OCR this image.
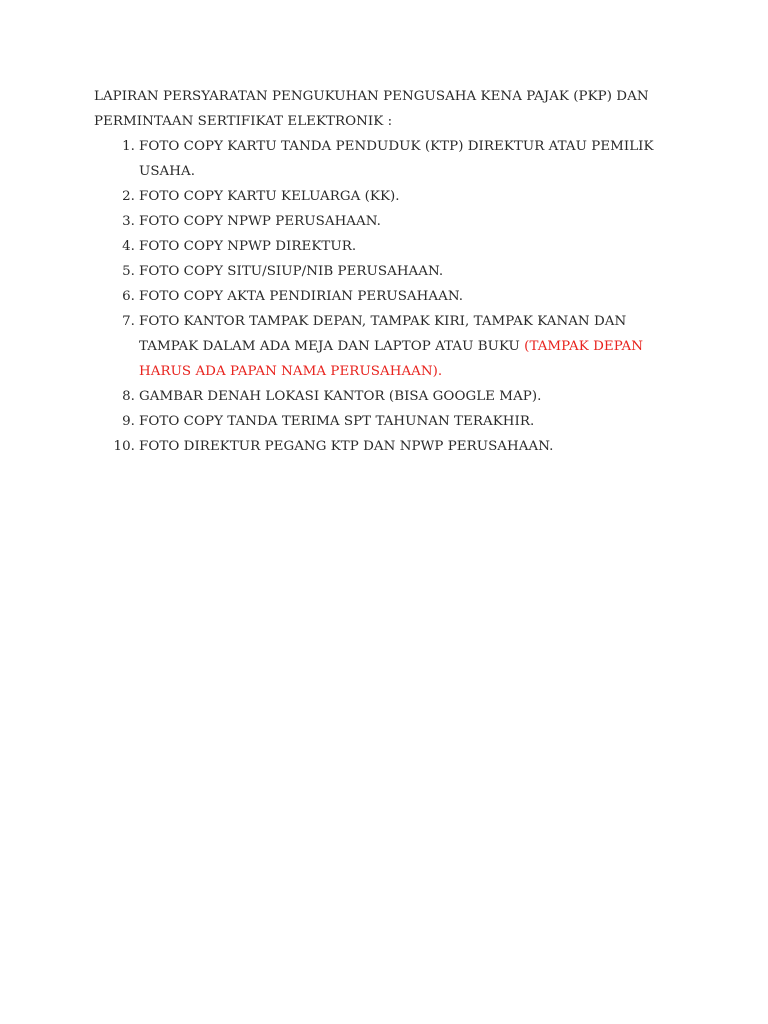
LAPIRAN PERSYARATAN PENGUKUHAN PENGUSAHA KENA PAJAK (PKP) DAN
PERMINTAAN SERTIFIKAT ELEKTRONIK :

1. FOTO COPY KARTU TANDA PENDUDUK (KTP) DIREKTUR ATAU PEMILIK
USAHA.
2. FOTO COPY KARTU KELUARGA (KK).
3. FOTO COPY NPWP PERUSAHAAN.
4. FOTO COPY NPWP DIREKTUR.
5. FOTO COPY SITU/SIUP/NIB PERUSAHAAN.
6. FOTO COPY AKTA PENDIRIAN PERUSAHAAN.
7. FOTO KANTOR TAMPAK DEPAN, TAMPAK KIRI, TAMPAK KANAN DAN
TAMPAK DALAM ADA MEJA DAN LAPTOP ATAU BUKU (TAMPAK DEPAN
HARUS ADA PAPAN NAMA PERUSAHAAN).
8. GAMBAR DENAH LOKASI KANTOR (BISA GOOGLE MAP).
9. FOTO COPY TANDA TERIMA SPT TAHUNAN TERAKHIR.
10. FOTO DIREKTUR PEGANG KTP DAN NPWP PERUSAHAAN.
